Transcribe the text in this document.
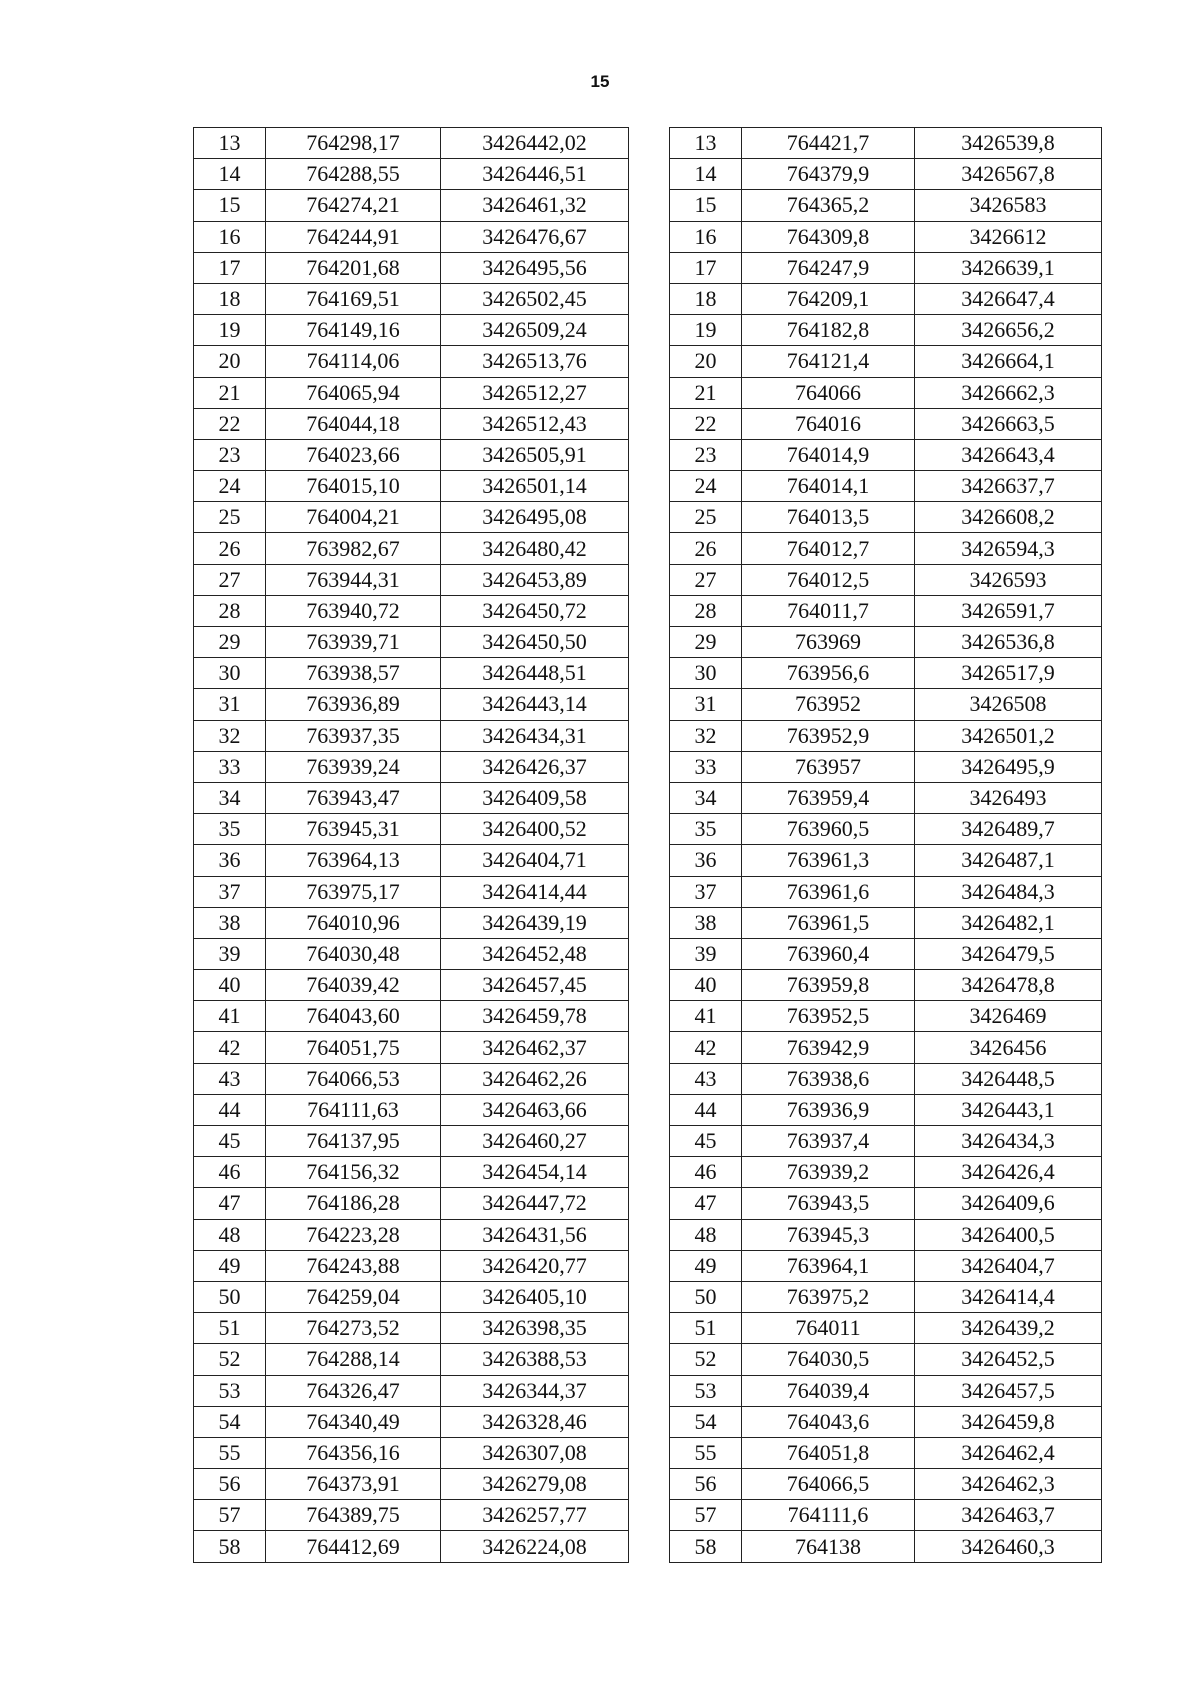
15
13	764298,17	3426442,02
14	764288,55	3426446,51
15	764274,21	3426461,32
16	764244,91	3426476,67
17	764201,68	3426495,56
18	764169,51	3426502,45
19	764149,16	3426509,24
20	764114,06	3426513,76
21	764065,94	3426512,27
22	764044,18	3426512,43
23	764023,66	3426505,91
24	764015,10	3426501,14
25	764004,21	3426495,08
26	763982,67	3426480,42
27	763944,31	3426453,89
28	763940,72	3426450,72
29	763939,71	3426450,50
30	763938,57	3426448,51
31	763936,89	3426443,14
32	763937,35	3426434,31
33	763939,24	3426426,37
34	763943,47	3426409,58
35	763945,31	3426400,52
36	763964,13	3426404,71
37	763975,17	3426414,44
38	764010,96	3426439,19
39	764030,48	3426452,48
40	764039,42	3426457,45
41	764043,60	3426459,78
42	764051,75	3426462,37
43	764066,53	3426462,26
44	764111,63	3426463,66
45	764137,95	3426460,27
46	764156,32	3426454,14
47	764186,28	3426447,72
48	764223,28	3426431,56
49	764243,88	3426420,77
50	764259,04	3426405,10
51	764273,52	3426398,35
52	764288,14	3426388,53
53	764326,47	3426344,37
54	764340,49	3426328,46
55	764356,16	3426307,08
56	764373,91	3426279,08
57	764389,75	3426257,77
58	764412,69	3426224,08
13	764421,7	3426539,8
14	764379,9	3426567,8
15	764365,2	3426583
16	764309,8	3426612
17	764247,9	3426639,1
18	764209,1	3426647,4
19	764182,8	3426656,2
20	764121,4	3426664,1
21	764066	3426662,3
22	764016	3426663,5
23	764014,9	3426643,4
24	764014,1	3426637,7
25	764013,5	3426608,2
26	764012,7	3426594,3
27	764012,5	3426593
28	764011,7	3426591,7
29	763969	3426536,8
30	763956,6	3426517,9
31	763952	3426508
32	763952,9	3426501,2
33	763957	3426495,9
34	763959,4	3426493
35	763960,5	3426489,7
36	763961,3	3426487,1
37	763961,6	3426484,3
38	763961,5	3426482,1
39	763960,4	3426479,5
40	763959,8	3426478,8
41	763952,5	3426469
42	763942,9	3426456
43	763938,6	3426448,5
44	763936,9	3426443,1
45	763937,4	3426434,3
46	763939,2	3426426,4
47	763943,5	3426409,6
48	763945,3	3426400,5
49	763964,1	3426404,7
50	763975,2	3426414,4
51	764011	3426439,2
52	764030,5	3426452,5
53	764039,4	3426457,5
54	764043,6	3426459,8
55	764051,8	3426462,4
56	764066,5	3426462,3
57	764111,6	3426463,7
58	764138	3426460,3
